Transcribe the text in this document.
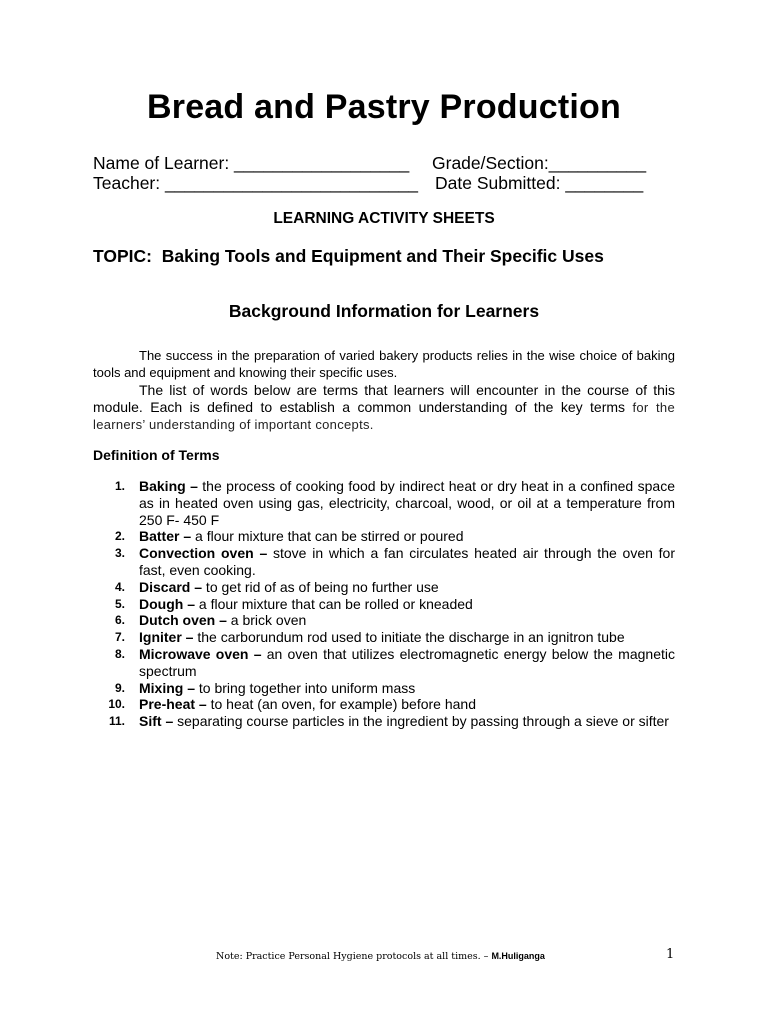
Bread and Pastry Production
Name of Learner: __________________ Grade/Section:__________
Teacher: __________________________ Date Submitted: ________
LEARNING ACTIVITY SHEETS
TOPIC:  Baking Tools and Equipment and Their Specific Uses
Background Information for Learners

The success in the preparation of varied bakery products relies in the wise choice of baking tools and equipment and knowing their specific uses.

The list of words below are terms that learners will encounter in the course of this module. Each is defined to establish a common understanding of the key terms for the learners’ understanding of important concepts.

Definition of Terms
1. Baking – the process of cooking food by indirect heat or dry heat in a confined space as in heated oven using gas, electricity, charcoal, wood, or oil at a temperature from 250 F- 450 F
2. Batter – a flour mixture that can be stirred or poured
3. Convection oven – stove in which a fan circulates heated air through the oven for fast, even cooking.
4. Discard – to get rid of as of being no further use
5. Dough – a flour mixture that can be rolled or kneaded
6. Dutch oven – a brick oven
7. Igniter – the carborundum rod used to initiate the discharge in an ignitron tube
8. Microwave oven – an oven that utilizes electromagnetic energy below the magnetic spectrum
9. Mixing – to bring together into uniform mass
10. Pre-heat – to heat (an oven, for example) before hand
11. Sift – separating course particles in the ingredient by passing through a sieve or sifter
Note: Practice Personal Hygiene protocols at all times. – M.Huliganga	1
